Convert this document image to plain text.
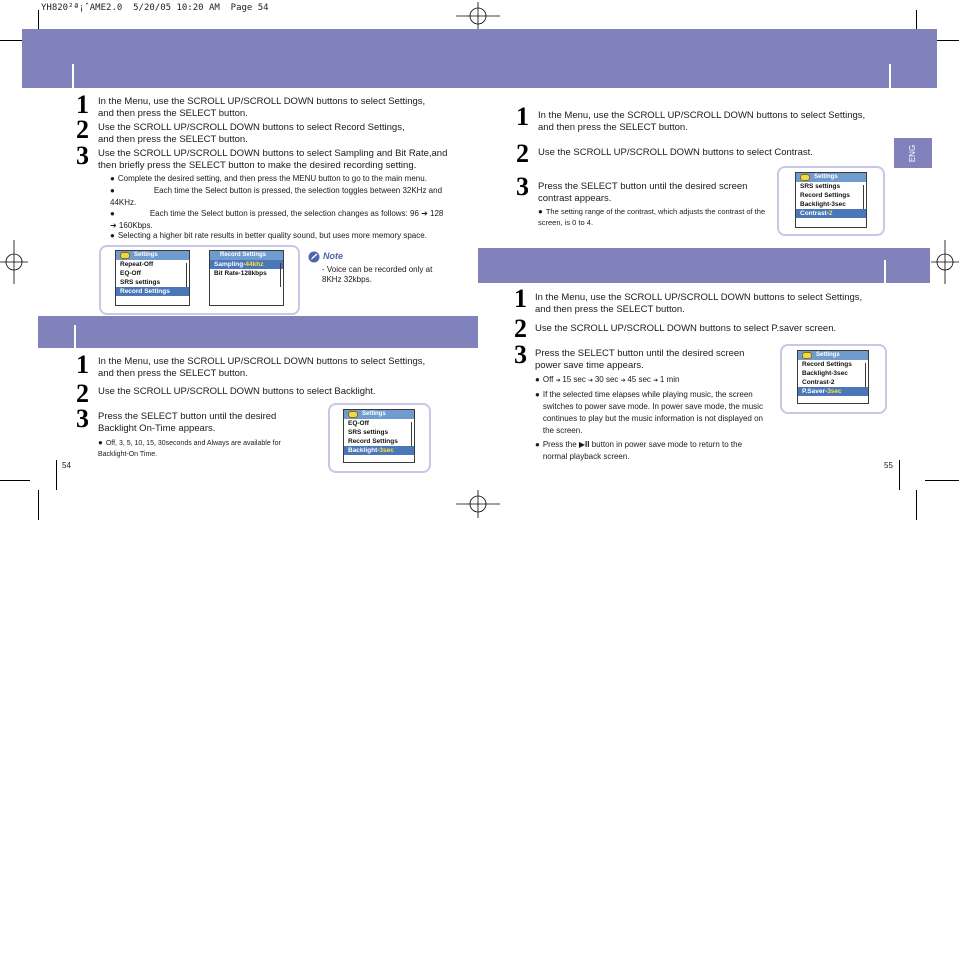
YH820²ª¡ˆAME2.0  5/20/05 10:20 AM  Page 54
1 In the Menu, use the SCROLL UP/SCROLL DOWN buttons to select Settings, and then press the SELECT button.
2 Use the SCROLL UP/SCROLL DOWN buttons to select Record Settings, and then press the SELECT button.
3 Use the SCROLL UP/SCROLL DOWN buttons to select Sampling and Bit Rate,and then briefly press the SELECT button to make the desired recording setting.
● Complete the desired setting, and then press the MENU button to go to the main menu.
● Each time the Select button is pressed, the selection toggles between 32KHz and 44KHz.
● Each time the Select button is pressed, the selection changes as follows: 96 ➔ 128 ➔ 160Kbps.
● Selecting a higher bit rate results in better quality sound, but uses more memory space.
Settings
Repeat-Off
EQ-Off
SRS settings
Record Settings
Record Settings
Sampling-44khz
Bit Rate-128kbps
Note
- Voice can be recorded only at 8KHz 32kbps.
1 In the Menu, use the SCROLL UP/SCROLL DOWN buttons to select Settings, and then press the SELECT button.
2 Use the SCROLL UP/SCROLL DOWN buttons to select Backlight.
3 Press the SELECT button until the desired Backlight On-Time appears.
● Off, 3, 5, 10, 15, 30seconds and Always are available for Backlight-On Time.
Settings
EQ-Off
SRS settings
Record Settings
Backlight-3sec
54
ENG
1 In the Menu, use the SCROLL UP/SCROLL DOWN buttons to select Settings, and then press the SELECT button.
2 Use the SCROLL UP/SCROLL DOWN buttons to select Contrast.
3 Press the SELECT button until the desired screen contrast appears.
● The setting range of the contrast, which adjusts the contrast of the screen, is 0 to 4.
Settings
SRS settings
Record Settings
Backlight-3sec
Contrast-2
1 In the Menu, use the SCROLL UP/SCROLL DOWN buttons to select Settings, and then press the SELECT button.
2 Use the SCROLL UP/SCROLL DOWN buttons to select P.saver screen.
3 Press the SELECT button until the desired screen power save time appears.
● Off ➔ 15 sec ➔ 30 sec ➔ 45 sec ➔ 1 min
●
If the selected time elapses while playing music, the screen switches to power save mode. In power save mode, the music continues to play but the music information is not displayed on the screen.
●
Press the ▶II button in power save mode to return to the normal playback screen.
Settings
Record Settings
Backlight-3sec
Contrast-2
P.Saver-3sec
55
